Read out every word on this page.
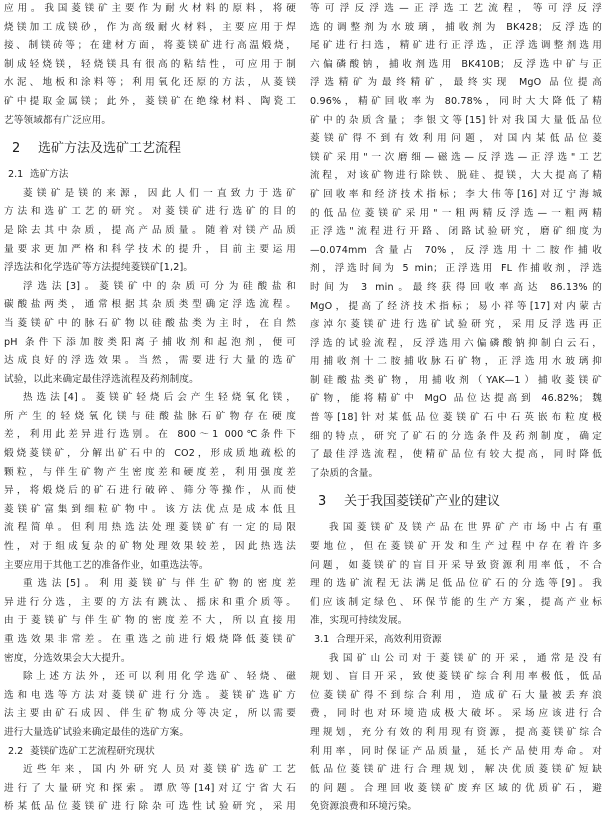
应用。我国菱镁矿主要作为耐火材料的原料，将硬
烧镁加工成镁砂，作为高级耐火材料，主要应用于焊
接、制镁砖等；在建材方面，将菱镁矿进行高温煅烧，
制成轻烧镁，轻烧镁具有很高的粘结性，可应用于制
水泥、地板和涂料等；利用氧化还原的方法，从菱镁
矿中提取金属镁；此外，菱镁矿在绝缘材料、陶瓷工
艺等领域都有广泛应用。
2 选矿方法及选矿工艺流程
2.1 选矿方法
菱镁矿是镁的来源，因此人们一直致力于选矿
方法和选矿工艺的研究。对菱镁矿进行选矿的目的
是除去其中杂质，提高产品质量。随着对镁产品质
量要求更加严格和科学技术的提升，目前主要运用
浮选法和化学选矿等方法提纯菱镁矿[1,2]。
浮选法[3]。菱镁矿中的杂质可分为硅酸盐和
碳酸盐两类，通常根据其杂质类型确定浮选流程。
当菱镁矿中的脉石矿物以硅酸盐类为主时，在自然
pH 条件下添加胺类阳离子捕收剂和起泡剂，便可
达成良好的浮选效果。当然，需要进行大量的选矿
试验，以此来确定最佳浮选流程及药剂制度。
热选法[4]。菱镁矿轻烧后会产生轻烧氧化镁，
所产生的轻烧氧化镁与硅酸盐脉石矿物存在硬度
差，利用此差异进行选别。在 800～1 000℃条件下
煅烧菱镁矿，分解出矿石中的 CO2，形成质地疏松的
颗粒，与伴生矿物产生密度差和硬度差，利用强度差
异，将煅烧后的矿石进行破碎、筛分等操作，从而使
菱镁矿富集到细粒矿物中。该方法优点是成本低且
流程简单。但利用热选法处理菱镁矿有一定的局限
性，对于组成复杂的矿物处理效果较差，因此热选法
主要应用于其他工艺的准备作业，如重选法等。
重选法[5]。利用菱镁矿与伴生矿物的密度差
异进行分选，主要的方法有跳汰、摇床和重介质等。
由于菱镁矿与伴生矿物的密度差不大，所以直接用
重选效果非常差。在重选之前进行煅烧降低菱镁矿
密度，分选效果会大大提升。
除上述方法外，还可以利用化学选矿、轻烧、磁
选和电选等方法对菱镁矿进行分选。菱镁矿选矿方
法主要由矿石成因、伴生矿物成分等决定，所以需要
进行大量选矿试验来确定最佳的选矿方案。
2.2 菱镁矿选矿工艺流程研究现状
近些年来，国内外研究人员对菱镁矿选矿工艺
进行了大量研究和探索。谭欣等[14]对辽宁省大石
桥某低品位菱镁矿进行除杂可选性试验研究，采用
等可浮反浮选—正浮选工艺流程，等可浮反浮
选的调整剂为水玻璃，捕收剂为 BK428；反浮选的
尾矿进行扫选，精矿进行正浮选，正浮选调整剂选用
六偏磷酸钠，捕收剂选用 BK410B；反浮选中矿与正
浮选精矿为最终精矿，最终实现 MgO 品位提高
0.96%，精矿回收率为 80.78%，同时大大降低了精
矿中的杂质含量；李银文等[15]针对我国大量低品位
菱镁矿得不到有效利用问题，对国内某低品位菱
镁矿采用"一次磨细—磁选—反浮选—正浮选"工艺
流程，对该矿物进行除铁、脱硅、提镁，大大提高了精
矿回收率和经济技术指标；李大伟等[16]对辽宁海城
的低品位菱镁矿采用"一粗两精反浮选—一粗两精
正浮选"流程进行开路、闭路试验研究，磨矿细度为
—0.074mm 含量占 70%，反浮选用十二胺作捕收
剂，浮选时间为 5 min；正浮选用 FL 作捕收剂，浮选
时间为 3 min。最终获得回收率高达 86.13%的
MgO，提高了经济技术指标；易小祥等[17]对内蒙古
彦淖尔菱镁矿进行选矿试验研究，采用反浮选再正
浮选的试验流程，反浮选用六偏磷酸钠抑制白云石，
用捕收剂十二胺捕收脉石矿物，正浮选用水玻璃抑
制硅酸盐类矿物，用捕收剂（YAK—1）捕收菱镁矿
矿物，能将精矿中 MgO 品位达提高到 46.82%；魏
普等[18]针对某低品位菱镁矿石中石英嵌布粒度极
细的特点，研究了矿石的分选条件及药剂制度，确定
了最佳浮选流程，使精矿品位有较大提高，同时降低
了杂质的含量。
3 关于我国菱镁矿产业的建议
我国菱镁矿及镁产品在世界矿产市场中占有重
要地位，但在菱镁矿开发和生产过程中存在着许多
问题，如菱镁矿的盲目开采导致资源利用率低，不合
理的选矿流程无法满足低品位矿石的分选等[9]。我
们应该制定绿色、环保节能的生产方案，提高产业标
准，实现可持续发展。
3.1 合理开采，高效利用资源
我国矿山公司对于菱镁矿的开采，通常是没有
规划、盲目开采，致使菱镁矿综合利用率极低，低品
位菱镁矿得不到综合利用，造成矿石大量被丢弃浪
费，同时也对环境造成极大破坏。采场应该进行合
理规划，充分有效的利用现有资源，提高菱镁矿综合
利用率，同时保证产品质量，延长产品使用寿命。对
低品位菱镁矿进行合理规划，解决优质菱镁矿短缺
的问题。合理回收菱镁矿废弃区域的优质矿石，避
免资源浪费和环境污染。
